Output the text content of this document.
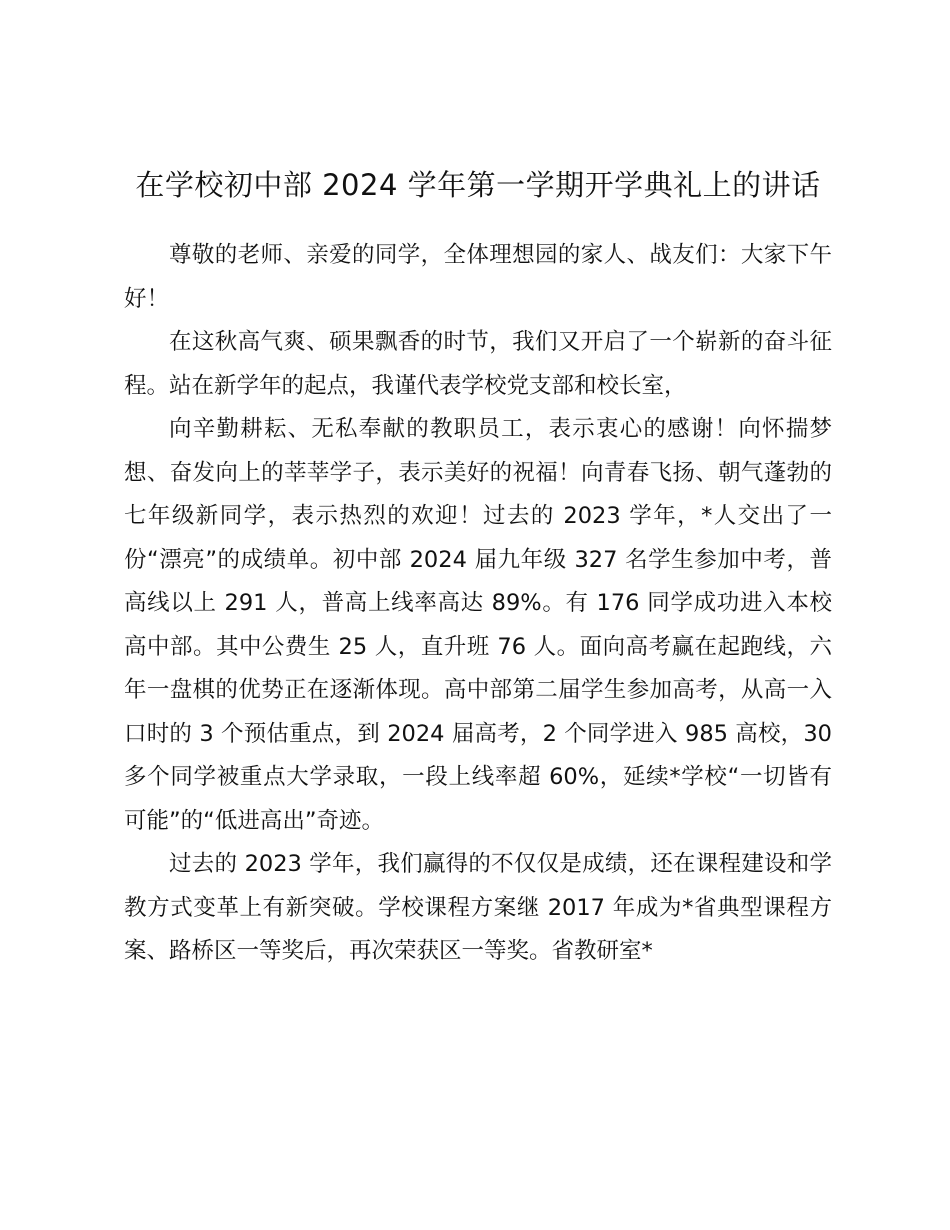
在学校初中部 2024 学年第一学期开学典礼上的讲话

尊敬的老师、亲爱的同学，全体理想园的家人、战友们：大家下午好！

在这秋高气爽、硕果飘香的时节，我们又开启了一个崭新的奋斗征程。站在新学年的起点，我谨代表学校党支部和校长室，

向辛勤耕耘、无私奉献的教职员工，表示衷心的感谢！向怀揣梦想、奋发向上的莘莘学子，表示美好的祝福！向青春飞扬、朝气蓬勃的七年级新同学，表示热烈的欢迎！过去的 2023 学年，*人交出了一份“漂亮”的成绩单。初中部 2024 届九年级 327 名学生参加中考，普高线以上 291 人，普高上线率高达 89%。有 176 同学成功进入本校高中部。其中公费生 25 人，直升班 76 人。面向高考赢在起跑线，六年一盘棋的优势正在逐渐体现。高中部第二届学生参加高考，从高一入口时的 3 个预估重点，到 2024 届高考，2 个同学进入 985 高校，30 多个同学被重点大学录取，一段上线率超 60%，延续*学校“一切皆有可能”的“低进高出”奇迹。

过去的 2023 学年，我们赢得的不仅仅是成绩，还在课程建设和学教方式变革上有新突破。学校课程方案继 2017 年成为*省典型课程方案、路桥区一等奖后，再次荣获区一等奖。省教研室*
